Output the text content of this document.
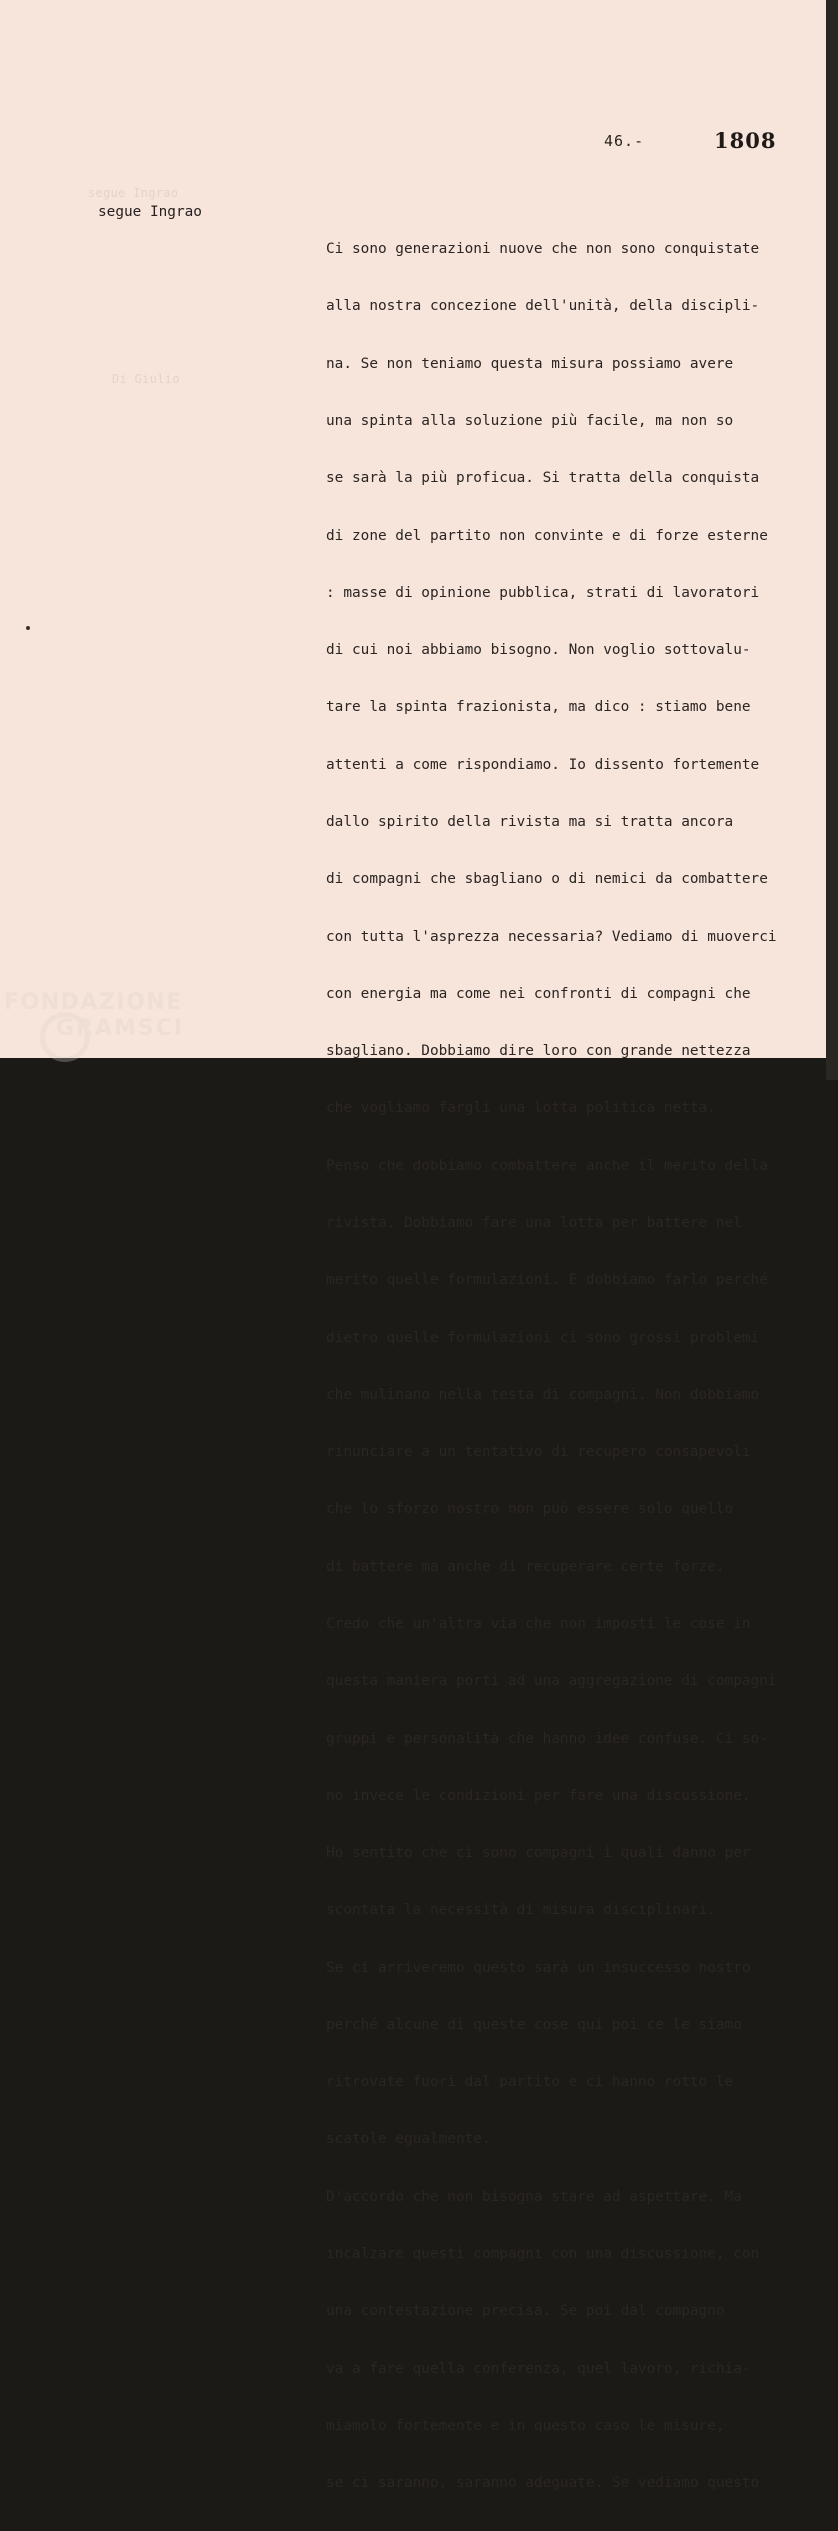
segue Ingrao
Di Giulio
46.-	1808
segue Ingrao

Ci sono generazioni nuove che non sono conquistate

alla nostra concezione dell'unità, della discipli-

na. Se non teniamo questa misura possiamo avere

una spinta alla soluzione più facile, ma non so

se sarà la più proficua. Si tratta della conquista

di zone del partito non convinte e di forze esterne

: masse di opinione pubblica, strati di lavoratori

di cui noi abbiamo bisogno. Non voglio sottovalu-

tare la spinta frazionista, ma dico : stiamo bene

attenti a come rispondiamo. Io dissento fortemente

dallo spirito della rivista ma si tratta ancora

di compagni che sbagliano o di nemici da combattere

con tutta l'asprezza necessaria? Vediamo di muoverci

con energia ma come nei confronti di compagni che

sbagliano. Dobbiamo dire loro con grande nettezza

che vogliamo fargli una lotta politica netta.

Penso che dobbiamo combattere anche il merito della

rivista. Dobbiamo fare una lotta per battere nel

merito quelle formulazioni. E dobbiamo farlo perché

dietro quelle formulazioni ci sono grossi problemi

che mulinano nella testa di compagni. Non dobbiamo

rinunciare a un tentativo di recupero consapevoli

che lo sforzo nostro non può essere solo quello

di battere ma anche di recuperare certe forze.

Credo che un'altra via che non imposti le cose in

questa maniera porti ad una aggregazione di compagni

gruppi e personalità che hanno idee confuse. Ci so-

no invece le condizioni per fare una discussione.

Ho sentito che ci sono compagni i quali danno per

scontata la necessità di misura disciplinari.

Se ci arriveremo questo sarà un insuccesso nostro

perché alcune di queste cose qui poi ce le siamo

ritrovate fuori dal partito e ci hanno rotto le

scatole egualmente.

D'accordo che non bisogna stare ad aspettare. Ma

incalzare questi compagni con una discussione, con

una contestazione precisa. Se poi dal compagno

va a fare quella conferenza, quel lavoro, richia-

miamolo fortemente e in questo caso le misure,

se ci saranno, saranno adeguate. Se vediamo questo

FONDAZIONE
GRAMSCI
